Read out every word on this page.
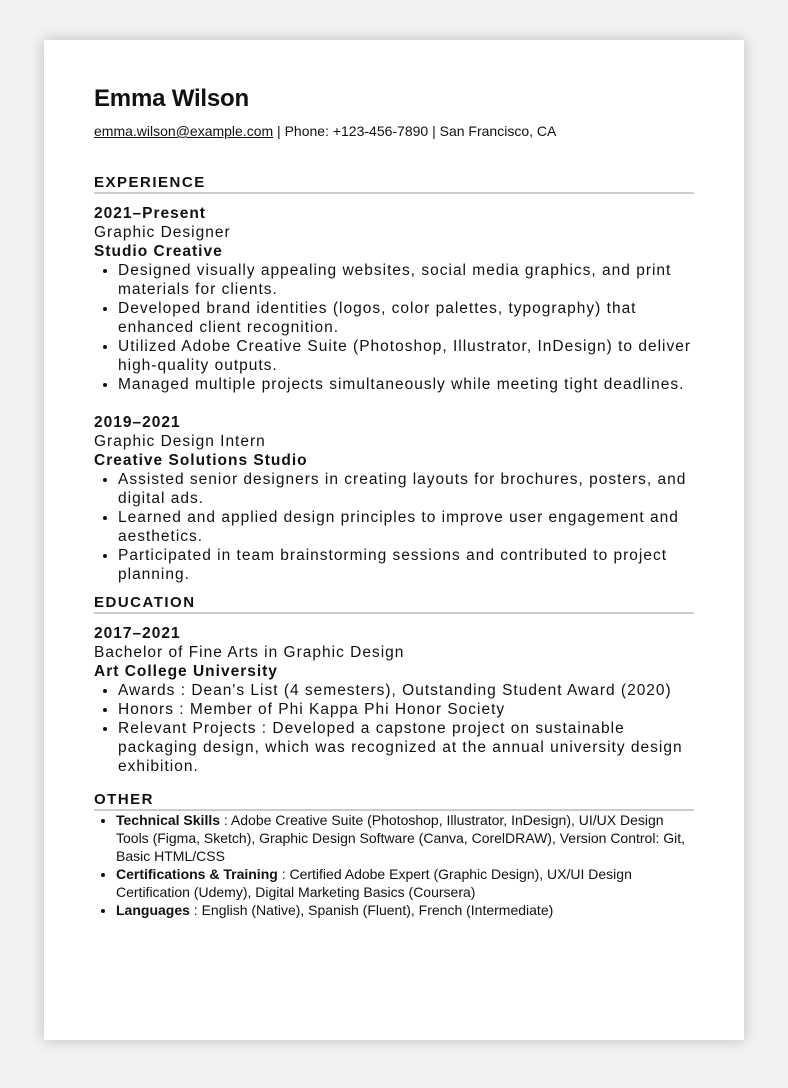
Emma Wilson
emma.wilson@example.com | Phone: +123-456-7890 | San Francisco, CA
EXPERIENCE
2021–Present
Graphic Designer
Studio Creative
• Designed visually appealing websites, social media graphics, and print materials for clients.
• Developed brand identities (logos, color palettes, typography) that enhanced client recognition.
• Utilized Adobe Creative Suite (Photoshop, Illustrator, InDesign) to deliver high-quality outputs.
• Managed multiple projects simultaneously while meeting tight deadlines.
2019–2021
Graphic Design Intern
Creative Solutions Studio
• Assisted senior designers in creating layouts for brochures, posters, and digital ads.
• Learned and applied design principles to improve user engagement and aesthetics.
• Participated in team brainstorming sessions and contributed to project planning.
EDUCATION
2017–2021
Bachelor of Fine Arts in Graphic Design
Art College University
• Awards : Dean's List (4 semesters), Outstanding Student Award (2020)
• Honors : Member of Phi Kappa Phi Honor Society
• Relevant Projects : Developed a capstone project on sustainable packaging design, which was recognized at the annual university design exhibition.
OTHER
• Technical Skills : Adobe Creative Suite (Photoshop, Illustrator, InDesign), UI/UX Design Tools (Figma, Sketch), Graphic Design Software (Canva, CorelDRAW), Version Control: Git, Basic HTML/CSS
• Certifications & Training : Certified Adobe Expert (Graphic Design), UX/UI Design Certification (Udemy), Digital Marketing Basics (Coursera)
• Languages : English (Native), Spanish (Fluent), French (Intermediate)
